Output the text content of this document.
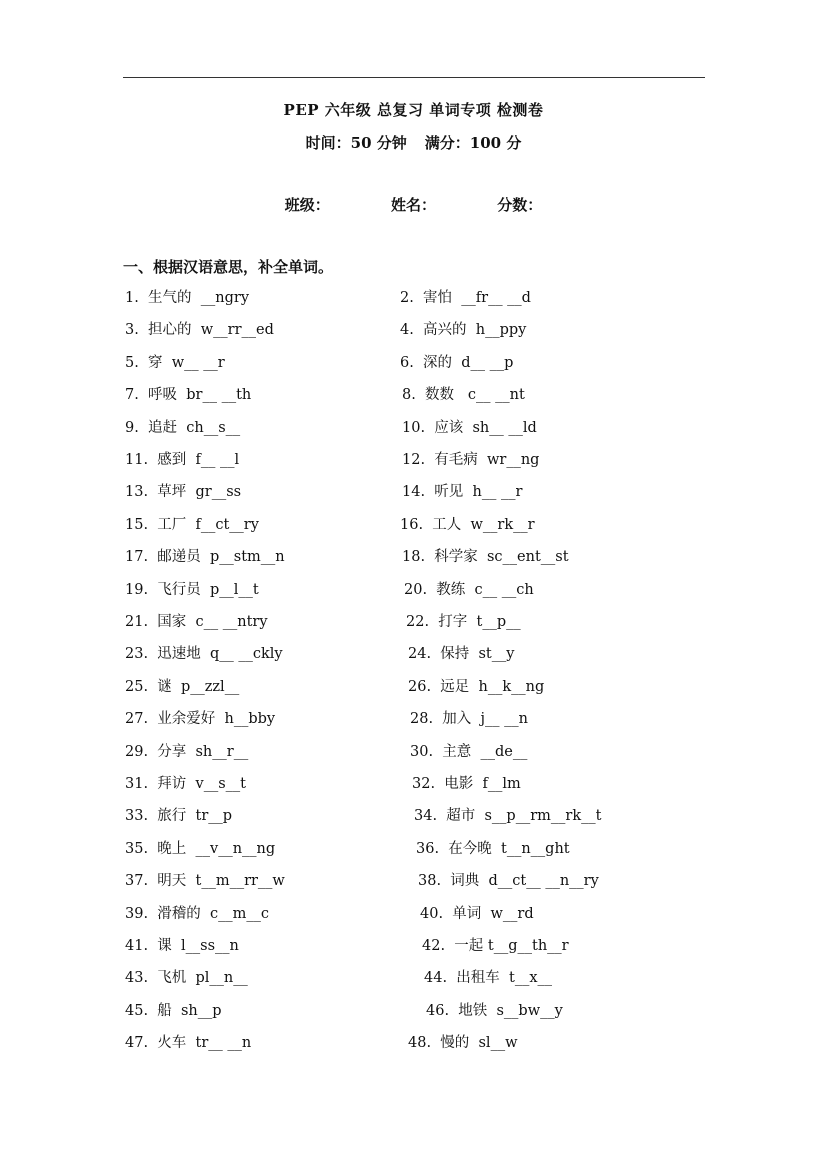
PEP 六年级 总复习 单词专项 检测卷
时间：50 分钟 满分：100 分
班级：	姓名：	分数：
一、根据汉语意思，补全单词。
1.  生气的  __ngry	2.  害怕  __fr__ __d
3.  担心的  w__rr__ed	4.  高兴的  h__ppy
5.  穿  w__ __r	6.  深的  d__ __p
7.  呼吸  br__ __th	8.  数数   c__ __nt
9.  追赶  ch__s__	10.  应该  sh__ __ld
11.  感到  f__ __l	12.  有毛病  wr__ng
13.  草坪  gr__ss	14.  听见  h__ __r
15.  工厂  f__ct__ry	16.  工人  w__rk__r
17.  邮递员  p__stm__n	18.  科学家  sc__ent__st
19.  飞行员  p__l__t	20.  教练  c__ __ch
21.  国家  c__ __ntry	22.  打字  t__p__
23.  迅速地  q__ __ckly	24.  保持  st__y
25.  谜  p__zzl__	26.  远足  h__k__ng
27.  业余爱好  h__bby	28.  加入  j__ __n
29.  分享  sh__r__	30.  主意  __de__
31.  拜访  v__s__t	32.  电影  f__lm
33.  旅行  tr__p	34.  超市  s__p__rm__rk__t
35.  晚上  __v__n__ng	36.  在今晚  t__n__ght
37.  明天  t__m__rr__w	38.  词典  d__ct__ __n__ry
39.  滑稽的  c__m__c	40.  单词  w__rd
41.  课  l__ss__n	42.  一起 t__g__th__r
43.  飞机  pl__n__	44.  出租车  t__x__
45.  船  sh__p	46.  地铁  s__bw__y
47.  火车  tr__ __n	48.  慢的  sl__w
